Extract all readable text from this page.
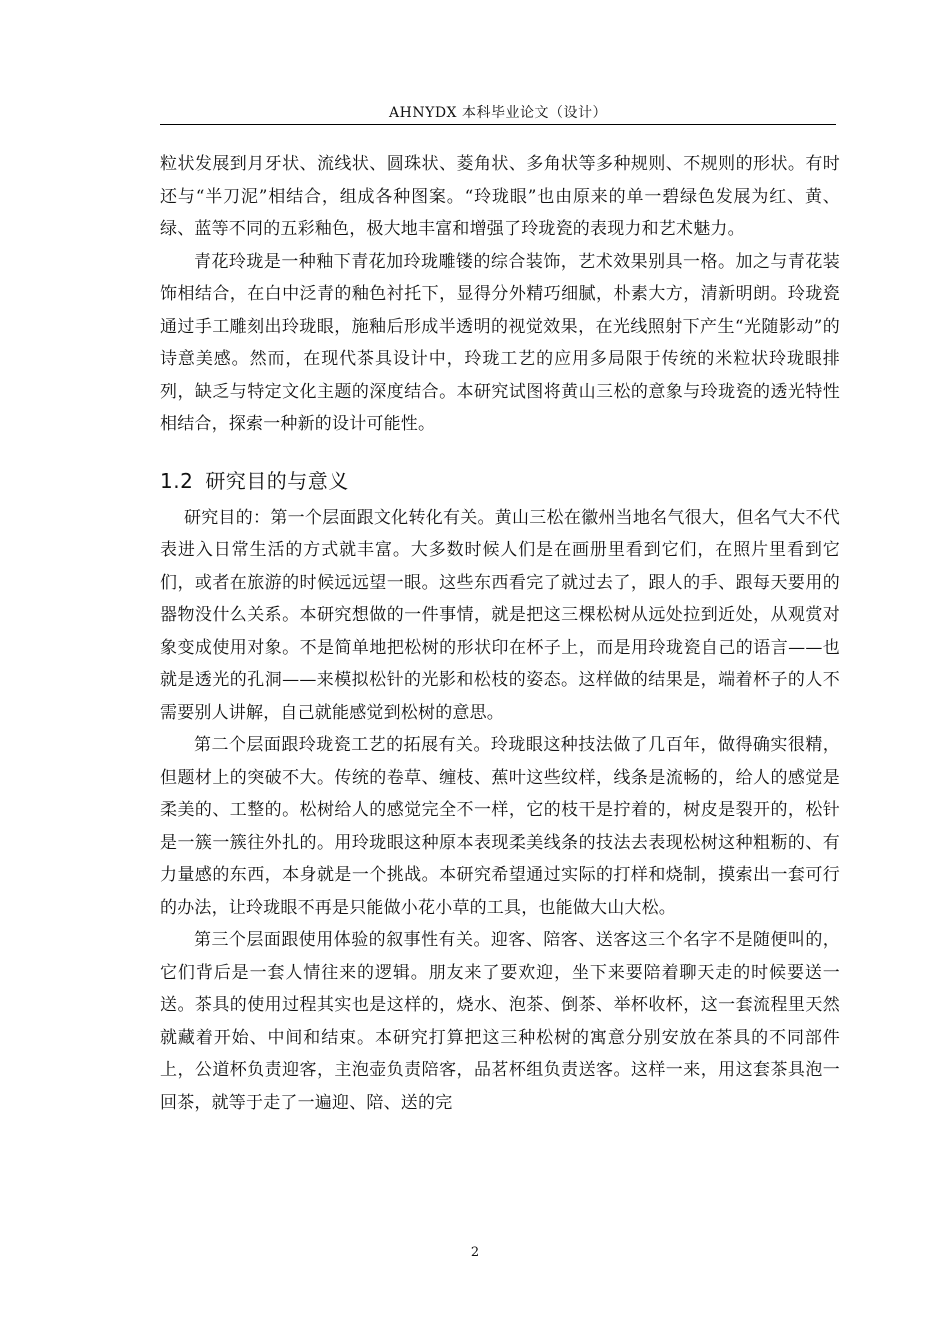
AHNYDX 本科毕业论文（设计）

粒状发展到月牙状、流线状、圆珠状、菱角状、多角状等多种规则、不规则的形状。有时还与“半刀泥”相结合，组成各种图案。“玲珑眼”也由原来的单一碧绿色发展为红、黄、绿、蓝等不同的五彩釉色，极大地丰富和增强了玲珑瓷的表现力和艺术魅力。

青花玲珑是一种釉下青花加玲珑雕镂的综合装饰，艺术效果别具一格。加之与青花装饰相结合，在白中泛青的釉色衬托下，显得分外精巧细腻，朴素大方，清新明朗。玲珑瓷通过手工雕刻出玲珑眼，施釉后形成半透明的视觉效果，在光线照射下产生“光随影动”的诗意美感。然而，在现代茶具设计中，玲珑工艺的应用多局限于传统的米粒状玲珑眼排列，缺乏与特定文化主题的深度结合。本研究试图将黄山三松的意象与玲珑瓷的透光特性相结合，探索一种新的设计可能性。

1.2 研究目的与意义

研究目的：第一个层面跟文化转化有关。黄山三松在徽州当地名气很大，但名气大不代表进入日常生活的方式就丰富。大多数时候人们是在画册里看到它们，在照片里看到它们，或者在旅游的时候远远望一眼。这些东西看完了就过去了，跟人的手、跟每天要用的器物没什么关系。本研究想做的一件事情，就是把这三棵松树从远处拉到近处，从观赏对象变成使用对象。不是简单地把松树的形状印在杯子上，而是用玲珑瓷自己的语言——也就是透光的孔洞——来模拟松针的光影和松枝的姿态。这样做的结果是，端着杯子的人不需要别人讲解，自己就能感觉到松树的意思。

第二个层面跟玲珑瓷工艺的拓展有关。玲珑眼这种技法做了几百年，做得确实很精，但题材上的突破不大。传统的卷草、缠枝、蕉叶这些纹样，线条是流畅的，给人的感觉是柔美的、工整的。松树给人的感觉完全不一样，它的枝干是拧着的，树皮是裂开的，松针是一簇一簇往外扎的。用玲珑眼这种原本表现柔美线条的技法去表现松树这种粗粝的、有力量感的东西，本身就是一个挑战。本研究希望通过实际的打样和烧制，摸索出一套可行的办法，让玲珑眼不再是只能做小花小草的工具，也能做大山大松。

第三个层面跟使用体验的叙事性有关。迎客、陪客、送客这三个名字不是随便叫的，它们背后是一套人情往来的逻辑。朋友来了要欢迎，坐下来要陪着聊天走的时候要送一送。茶具的使用过程其实也是这样的，烧水、泡茶、倒茶、举杯收杯，这一套流程里天然就藏着开始、中间和结束。本研究打算把这三种松树的寓意分别安放在茶具的不同部件上，公道杯负责迎客，主泡壶负责陪客，品茗杯组负责送客。这样一来，用这套茶具泡一回茶，就等于走了一遍迎、陪、送的完

2
